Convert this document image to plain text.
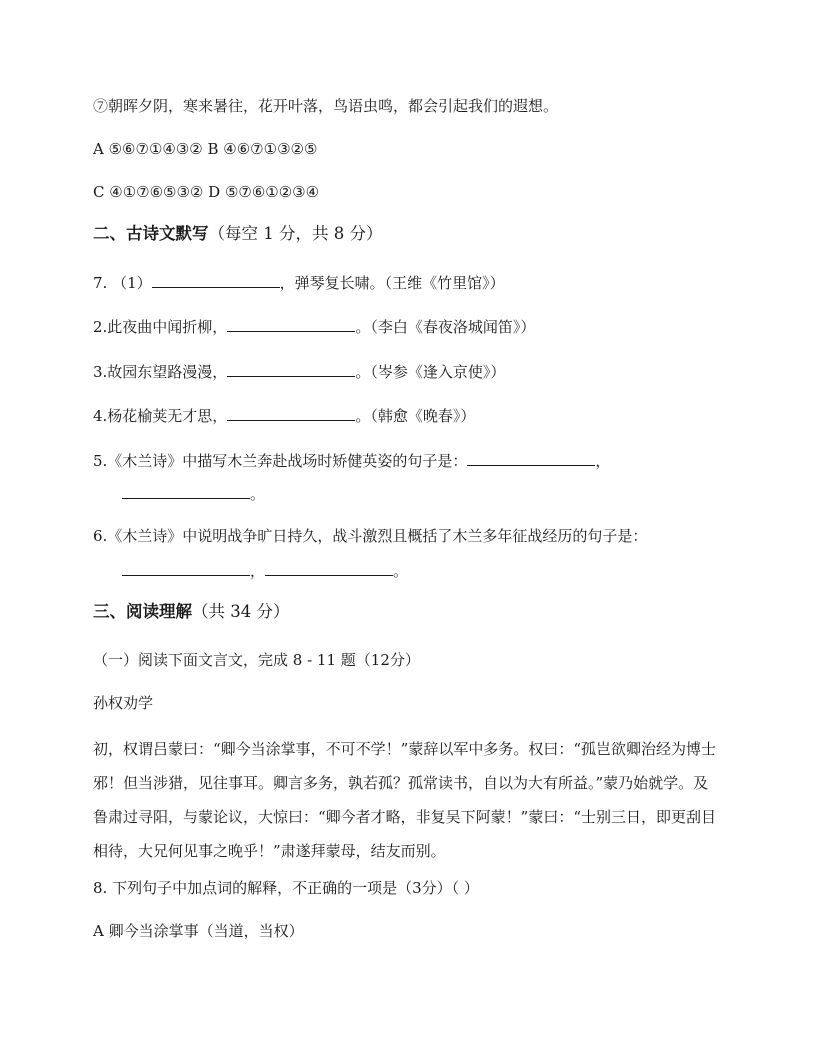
⑦朝晖夕阴，寒来暑往，花开叶落，鸟语虫鸣，都会引起我们的遐想。
A ⑤⑥⑦①④③② B ④⑥⑦①③②⑤
C ④①⑦⑥⑤③② D ⑤⑦⑥①②③④
二、古诗文默写（每空 1 分，共 8 分）
7. （1）	，弹琴复长啸。（王维《竹里馆》）
2.此夜曲中闻折柳，	。（李白《春夜洛城闻笛》）
3.故园东望路漫漫，	。（岑参《逢入京使》）
4.杨花榆荚无才思，	。（韩愈《晚春》）
5.《木兰诗》中描写木兰奔赴战场时矫健英姿的句子是：	，
。
6.《木兰诗》中说明战争旷日持久，战斗激烈且概括了木兰多年征战经历的句子是：
，	。
三、阅读理解（共 34 分）
（一）阅读下面文言文，完成 8 - 11 题（12分）
孙权劝学
初，权谓吕蒙曰：“卿今当涂掌事，不可不学！”蒙辞以军中多务。权曰：“孤岂欲卿治经为博士邪！但当涉猎，见往事耳。卿言多务，孰若孤？孤常读书，自以为大有所益。”蒙乃始就学。及鲁肃过寻阳，与蒙论议，大惊曰：“卿今者才略，非复吴下阿蒙！”蒙曰：“士别三日，即更刮目相待，大兄何见事之晚乎！”肃遂拜蒙母，结友而别。
8. 下列句子中加点词的解释，不正确的一项是（3分）（ ）
A 卿今当涂掌事（当道，当权）
